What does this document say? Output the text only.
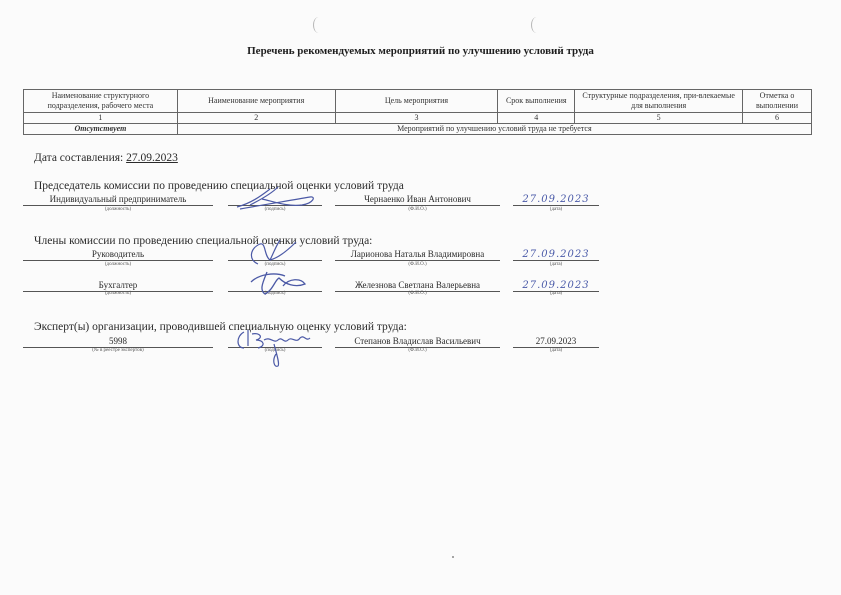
Перечень рекомендуемых мероприятий по улучшению условий труда
Наименование структурного подразделения, рабочего места	Наименование мероприятия	Цель мероприятия	Срок выполнения	Структурные подразделения, при-влекаемые для выполнения	Отметка о выполнении
1	2	3	4	5	6
Отсутствует	Мероприятий по улучшению условий труда не требуется				
Дата составления: 27.09.2023
Председатель комиссии по проведению специальной оценки условий труда
Индивидуальный предприниматель	Чернаенко Иван Антонович	27.09.2023
(должность)	(подпись)	(Ф.И.О.)	(дата)
Члены комиссии по проведению специальной оценки условий труда:
Руководитель	Ларионова Наталья Владимировна	27.09.2023
(должность)	(подпись)	(Ф.И.О.)	(дата)
Бухгалтер	Железнова Светлана Валерьевна	27.09.2023
(должность)	(подпись)	(Ф.И.О.)	(дата)
Эксперт(ы) организации, проводившей специальную оценку условий труда:
5998	Степанов Владислав Васильевич	27.09.2023
(№ в реестре экспертов)	(подпись)	(Ф.И.О.)	(дата)
